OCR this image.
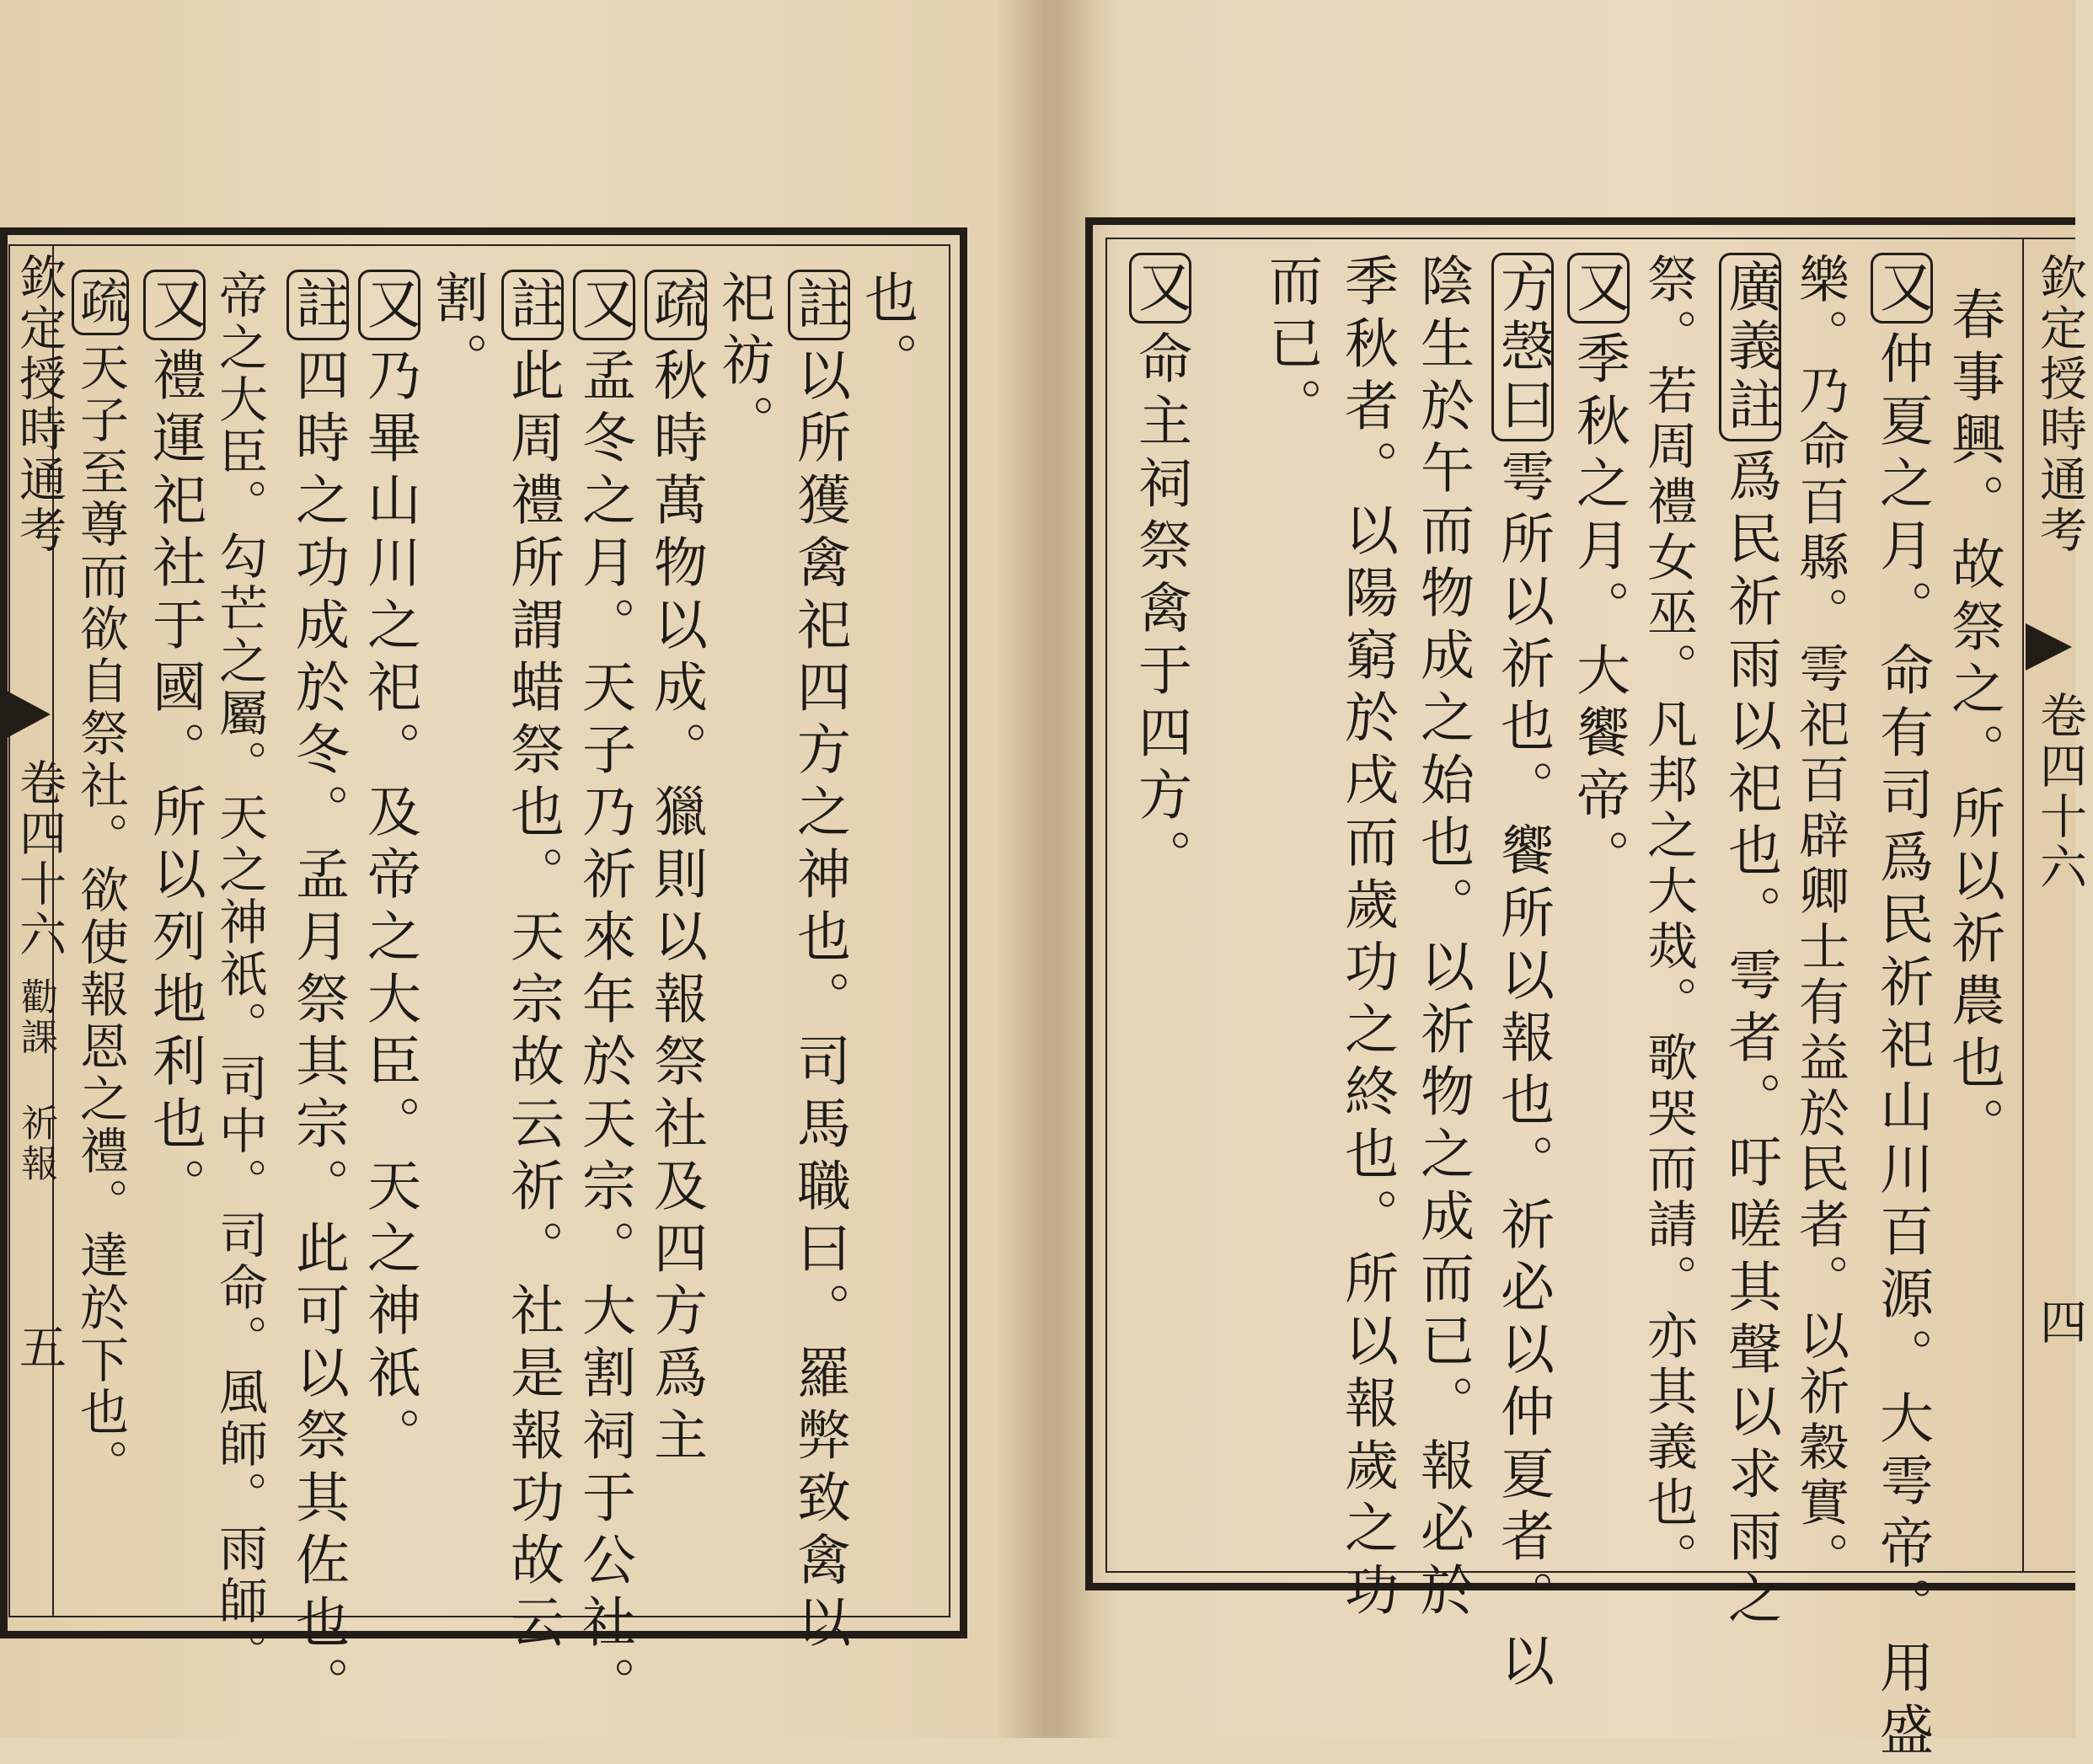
欽定授時通考
卷四十六
勸課
祈報
五
也。
註以所獲禽祀四方之神也。司馬職曰。羅弊致禽以
祀祊。
疏秋時萬物以成。獵則以報祭社及四方爲主
又孟冬之月。天子乃祈來年於天宗。大割祠于公社。
註此周禮所謂蜡祭也。天宗故云祈。社是報功故云
割。
又乃畢山川之祀。及帝之大臣。天之神祇。
註四時之功成於冬。孟月祭其宗。此可以祭其佐也。
帝之大臣。勾芒之屬。天之神祇。司中。司命。風師。雨師。
又禮運祀社于國。所以列地利也。
疏天子至尊而欲自祭社。欲使報恩之禮。達於下也。	欽定授時通考
卷四十六
四
春事興。故祭之。所以祈農也。
又仲夏之月。命有司爲民祈祀山川百源。大雩帝。用盛
樂。乃命百縣。雩祀百辟卿士有益於民者。以祈穀實。
廣義註爲民祈雨以祀也。雩者。吁嗟其聲以求雨之
祭。若周禮女巫。凡邦之大烖。歌哭而請。亦其義也。
又季秋之月。大饗帝。
方愨曰雩所以祈也。饗所以報也。祈必以仲夏者。以
陰生於午而物成之始也。以祈物之成而已。報必於
季秋者。以陽窮於戌而歲功之終也。所以報歲之功
而已。
又命主祠祭禽于四方。
